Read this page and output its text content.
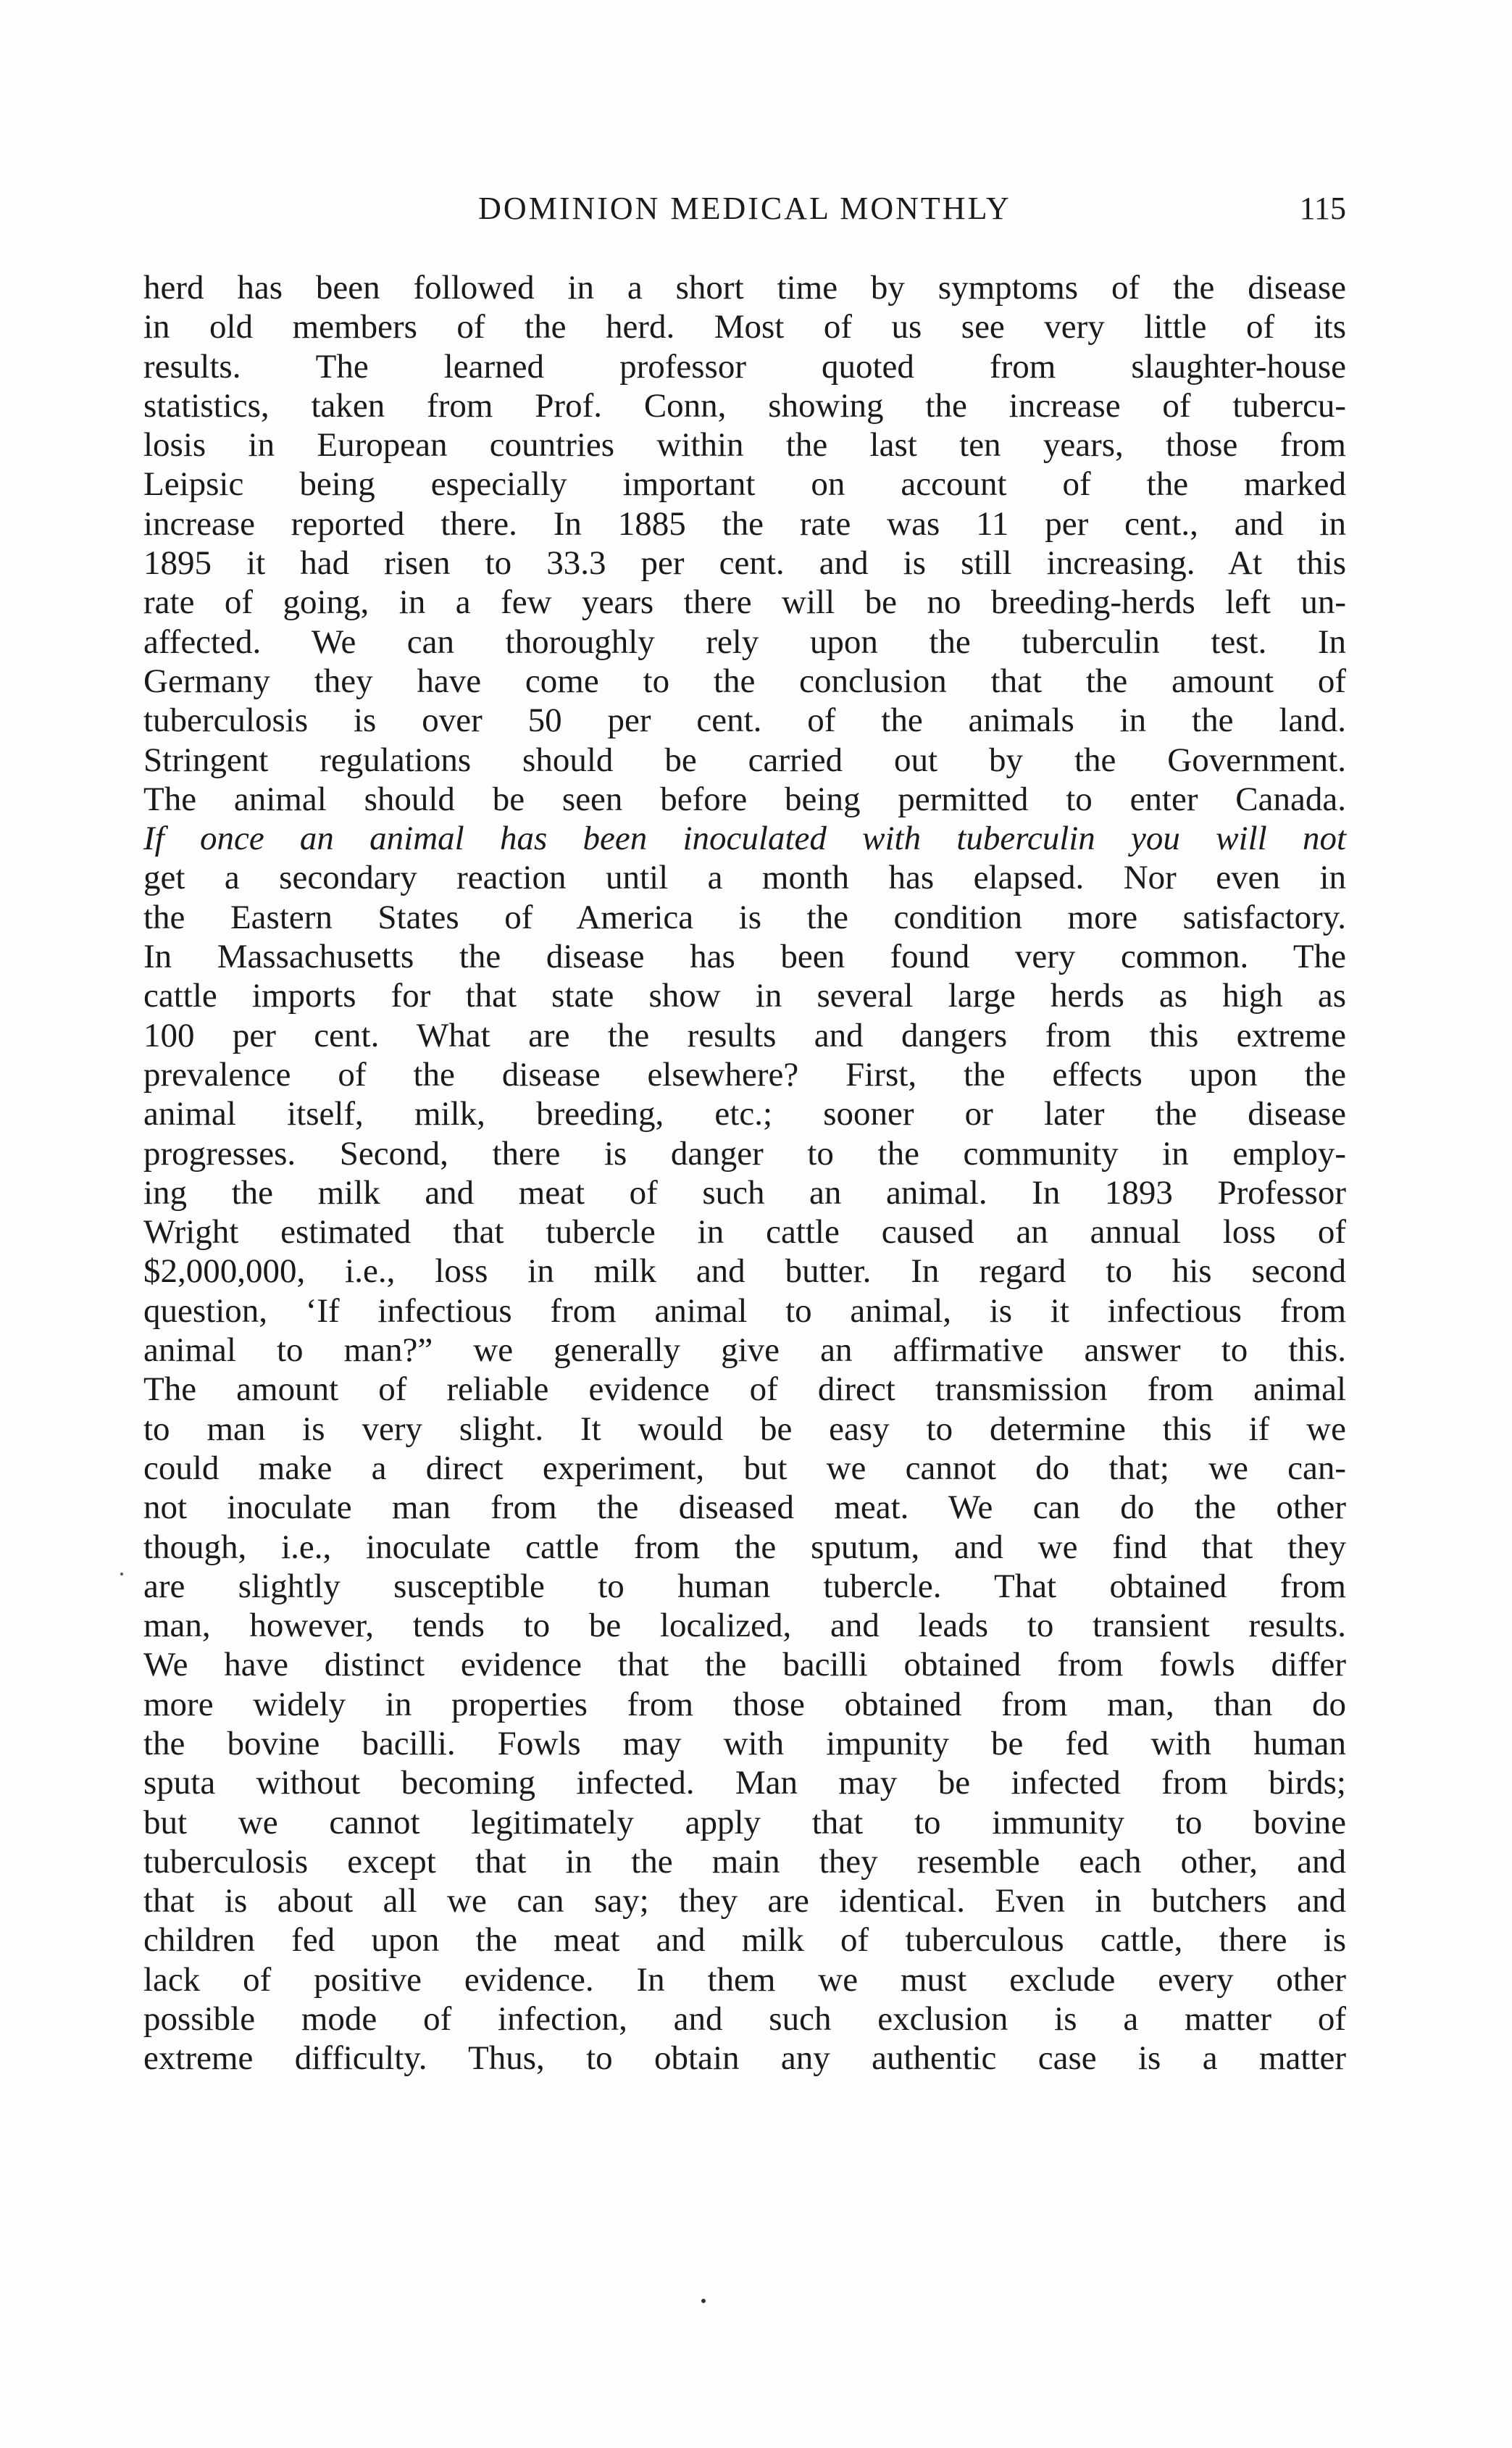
DOMINION MEDICAL MONTHLY	115
herd has been followed in a short time by symptoms of the disease
in old members of the herd. Most of us see very little of its
results. The learned professor quoted from slaughter-house
statistics, taken from Prof. Conn, showing the increase of tubercu-
losis in European countries within the last ten years, those from
Leipsic being especially important on account of the marked
increase reported there. In 1885 the rate was 11 per cent., and in
1895 it had risen to 33.3 per cent. and is still increasing. At this
rate of going, in a few years there will be no breeding-herds left un-
affected. We can thoroughly rely upon the tuberculin test. In
Germany they have come to the conclusion that the amount of
tuberculosis is over 50 per cent. of the animals in the land.
Stringent regulations should be carried out by the Government.
The animal should be seen before being permitted to enter Canada.
If once an animal has been inoculated with tuberculin you will not
get a secondary reaction until a month has elapsed. Nor even in
the Eastern States of America is the condition more satisfactory.
In Massachusetts the disease has been found very common. The
cattle imports for that state show in several large herds as high as
100 per cent. What are the results and dangers from this extreme
prevalence of the disease elsewhere? First, the effects upon the
animal itself, milk, breeding, etc.; sooner or later the disease
progresses. Second, there is danger to the community in employ-
ing the milk and meat of such an animal. In 1893 Professor
Wright estimated that tubercle in cattle caused an annual loss of
$2,000,000, i.e., loss in milk and butter. In regard to his second
question, ‘If infectious from animal to animal, is it infectious from
animal to man?” we generally give an affirmative answer to this.
The amount of reliable evidence of direct transmission from animal
to man is very slight. It would be easy to determine this if we
could make a direct experiment, but we cannot do that; we can-
not inoculate man from the diseased meat. We can do the other
though, i.e., inoculate cattle from the sputum, and we find that they
are slightly susceptible to human tubercle. That obtained from
man, however, tends to be localized, and leads to transient results.
We have distinct evidence that the bacilli obtained from fowls differ
more widely in properties from those obtained from man, than do
the bovine bacilli. Fowls may with impunity be fed with human
sputa without becoming infected. Man may be infected from birds;
but we cannot legitimately apply that to immunity to bovine
tuberculosis except that in the main they resemble each other, and
that is about all we can say; they are identical. Even in butchers and
children fed upon the meat and milk of tuberculous cattle, there is
lack of positive evidence. In them we must exclude every other
possible mode of infection, and such exclusion is a matter of
extreme difficulty. Thus, to obtain any authentic case is a matter
